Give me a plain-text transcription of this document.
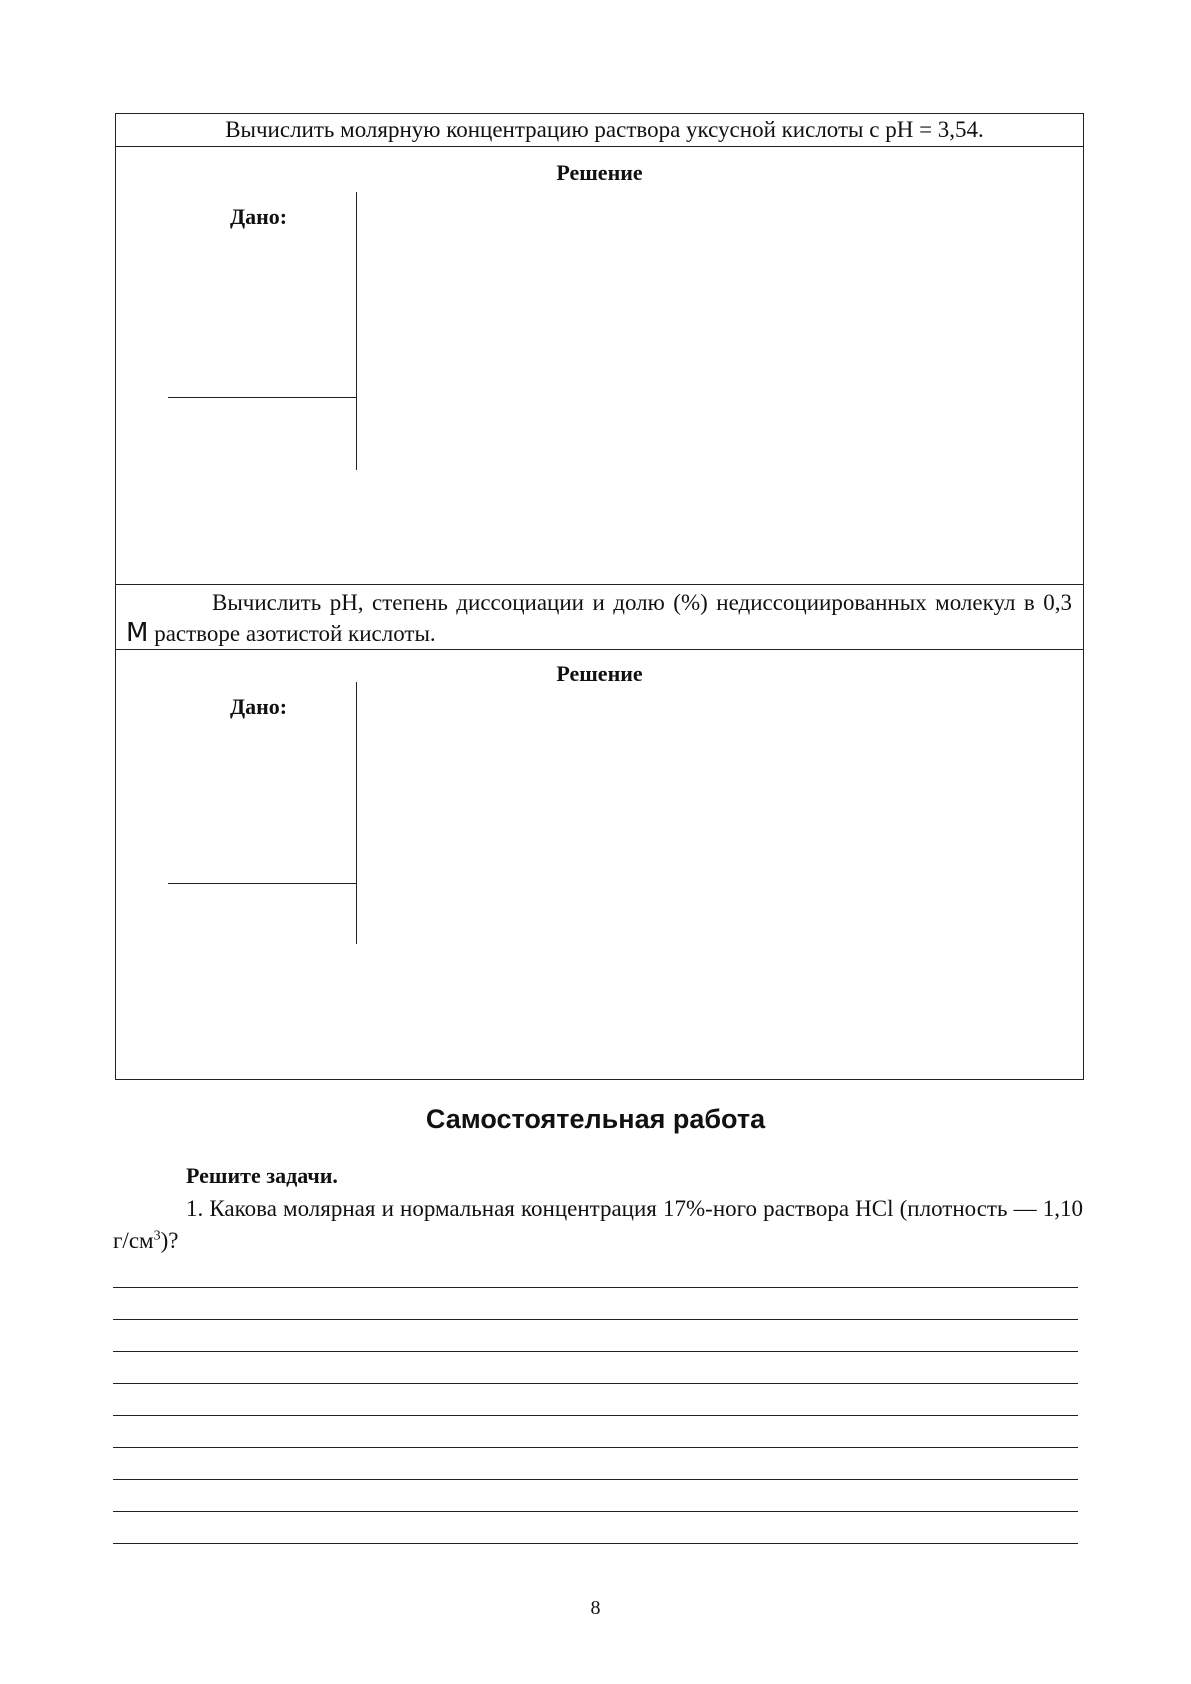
Вычислить молярную концентрацию раствора уксусной кислоты с pH = 3,54.
Решение
Дано:
Вычислить pH, степень диссоциации и долю (%) недиссоциированных молекул в 0,3 М растворе азотистой кислоты.
Решение
Дано:
Самостоятельная работа
Решите задачи.
1. Какова молярная и нормальная концентрация 17%-ного раствора HCl (плотность — 1,10 $г/см^3$)?
8
